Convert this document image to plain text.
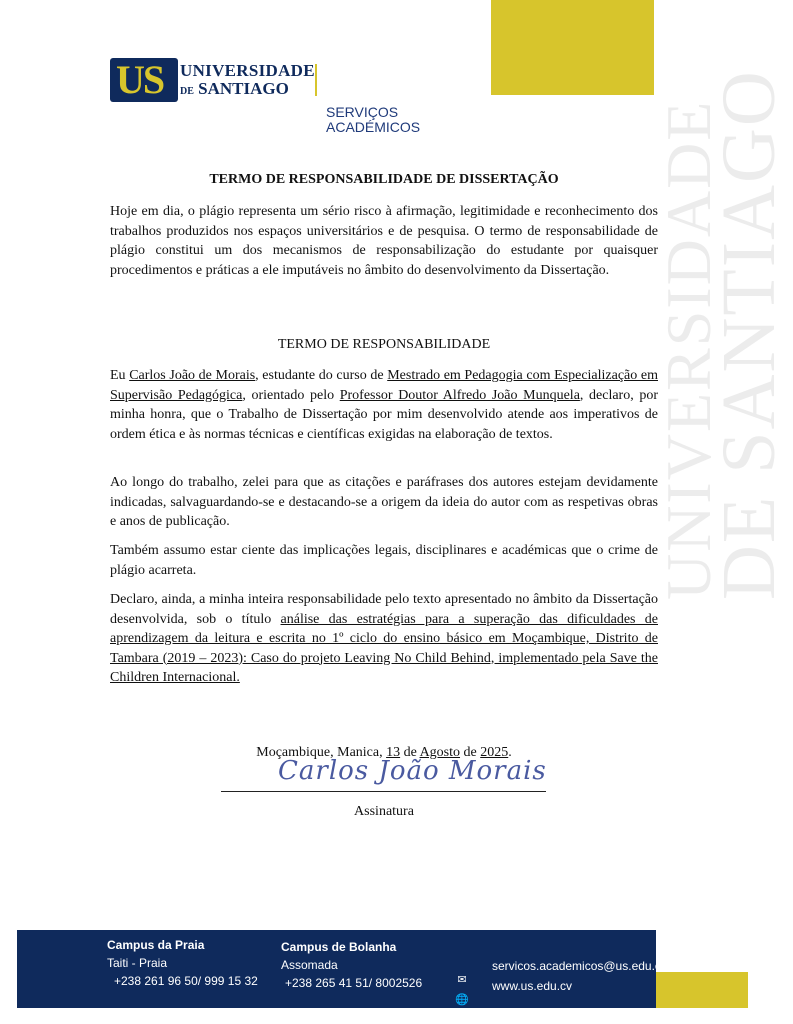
UNIVERSIDADE
DE SANTIAGO
US UNIVERSIDADE
DE SANTIAGO
SERVIÇOS
ACADÉMICOS
TERMO DE RESPONSABILIDADE DE DISSERTAÇÃO
Hoje em dia, o plágio representa um sério risco à afirmação, legitimidade e reconhecimento dos trabalhos produzidos nos espaços universitários e de pesquisa. O termo de responsabilidade de plágio constitui um dos mecanismos de responsabilização do estudante por quaisquer procedimentos e práticas a ele imputáveis no âmbito do desenvolvimento da Dissertação.
TERMO DE RESPONSABILIDADE
Eu Carlos João de Morais, estudante do curso de Mestrado em Pedagogia com Especialização em Supervisão Pedagógica, orientado pelo Professor Doutor Alfredo João Munquela, declaro, por minha honra, que o Trabalho de Dissertação por mim desenvolvido atende aos imperativos de ordem ética e às normas técnicas e científicas exigidas na elaboração de textos.
Ao longo do trabalho, zelei para que as citações e paráfrases dos autores estejam devidamente indicadas, salvaguardando-se e destacando-se a origem da ideia do autor com as respetivas obras e anos de publicação.
Também assumo estar ciente das implicações legais, disciplinares e académicas que o crime de plágio acarreta.
Declaro, ainda, a minha inteira responsabilidade pelo texto apresentado no âmbito da Dissertação desenvolvida, sob o título análise das estratégias para a superação das dificuldades de aprendizagem da leitura e escrita no 1º ciclo do ensino básico em Moçambique, Distrito de Tambara (2019 – 2023): Caso do projeto Leaving No Child Behind, implementado pela Save the Children Internacional.
Moçambique, Manica, 13 de Agosto de 2025.
Carlos João Morais
Assinatura
Campus da Praia
Taiti - Praia
+238 261 96 50/ 999 15 32
Campus de Bolanha
Assomada
+238 265 41 51/ 8002526	✉
🌐
servicos.academicos@us.edu.cv
www.us.edu.cv
